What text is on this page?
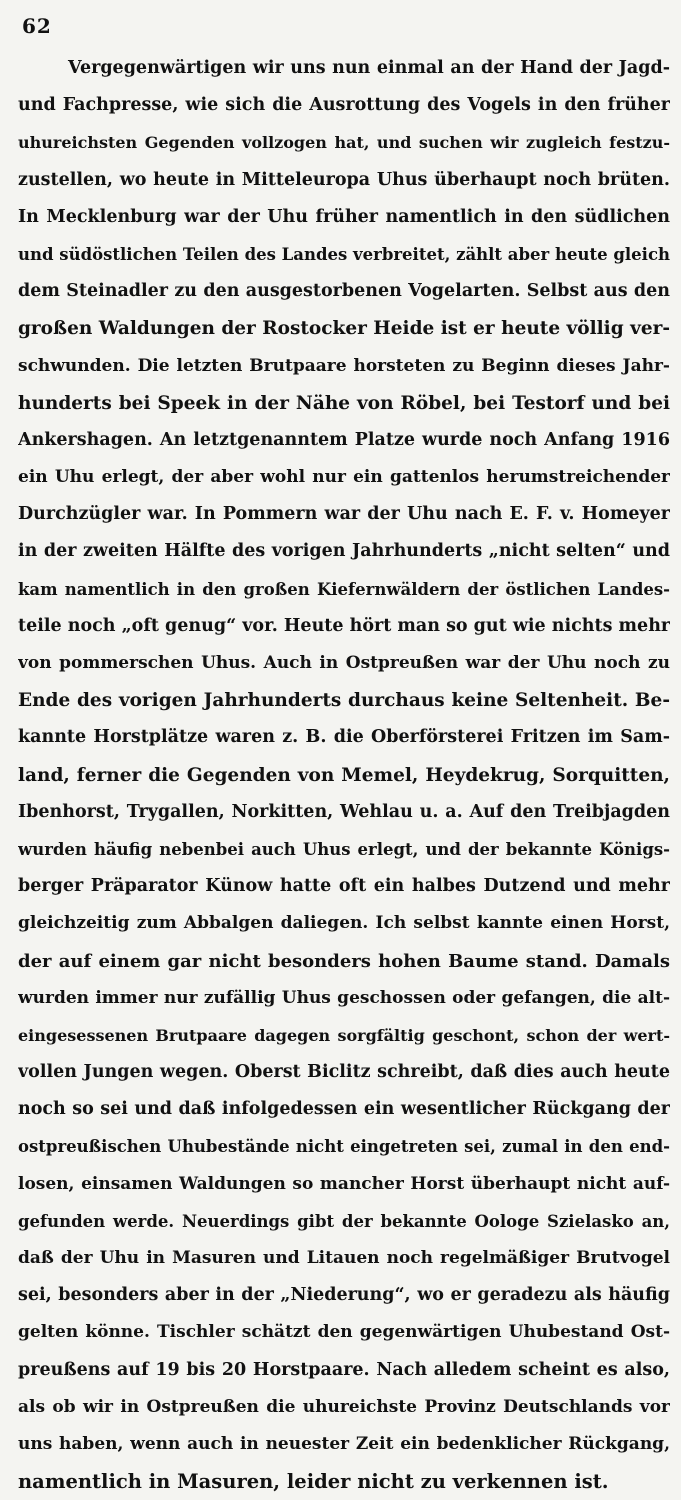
62
Vergegenwärtigen wir uns nun einmal an der Hand der Jagd-
und Fachpresse, wie sich die Ausrottung des Vogels in den früher
uhureichsten Gegenden vollzogen hat, und suchen wir zugleich festzu-
zustellen, wo heute in Mitteleuropa Uhus überhaupt noch brüten.
In Mecklenburg war der Uhu früher namentlich in den südlichen
und südöstlichen Teilen des Landes verbreitet, zählt aber heute gleich
dem Steinadler zu den ausgestorbenen Vogelarten. Selbst aus den
großen Waldungen der Rostocker Heide ist er heute völlig ver-
schwunden. Die letzten Brutpaare horsteten zu Beginn dieses Jahr-
hunderts bei Speek in der Nähe von Röbel, bei Testorf und bei
Ankershagen. An letztgenanntem Platze wurde noch Anfang 1916
ein Uhu erlegt, der aber wohl nur ein gattenlos herumstreichender
Durchzügler war. In Pommern war der Uhu nach E. F. v. Homeyer
in der zweiten Hälfte des vorigen Jahrhunderts „nicht selten“ und
kam namentlich in den großen Kiefernwäldern der östlichen Landes-
teile noch „oft genug“ vor. Heute hört man so gut wie nichts mehr
von pommerschen Uhus. Auch in Ostpreußen war der Uhu noch zu
Ende des vorigen Jahrhunderts durchaus keine Seltenheit. Be-
kannte Horstplätze waren z. B. die Oberförsterei Fritzen im Sam-
land, ferner die Gegenden von Memel, Heydekrug, Sorquitten,
Ibenhorst, Trygallen, Norkitten, Wehlau u. a. Auf den Treibjagden
wurden häufig nebenbei auch Uhus erlegt, und der bekannte Königs-
berger Präparator Künow hatte oft ein halbes Dutzend und mehr
gleichzeitig zum Abbalgen daliegen. Ich selbst kannte einen Horst,
der auf einem gar nicht besonders hohen Baume stand. Damals
wurden immer nur zufällig Uhus geschossen oder gefangen, die alt-
eingesessenen Brutpaare dagegen sorgfältig geschont, schon der wert-
vollen Jungen wegen. Oberst Biclitz schreibt, daß dies auch heute
noch so sei und daß infolgedessen ein wesentlicher Rückgang der
ostpreußischen Uhubestände nicht eingetreten sei, zumal in den end-
losen, einsamen Waldungen so mancher Horst überhaupt nicht auf-
gefunden werde. Neuerdings gibt der bekannte Oologe Szielasko an,
daß der Uhu in Masuren und Litauen noch regelmäßiger Brutvogel
sei, besonders aber in der „Niederung“, wo er geradezu als häufig
gelten könne. Tischler schätzt den gegenwärtigen Uhubestand Ost-
preußens auf 19 bis 20 Horstpaare. Nach alledem scheint es also,
als ob wir in Ostpreußen die uhureichste Provinz Deutschlands vor
uns haben, wenn auch in neuester Zeit ein bedenklicher Rückgang,
namentlich in Masuren, leider nicht zu verkennen ist.
